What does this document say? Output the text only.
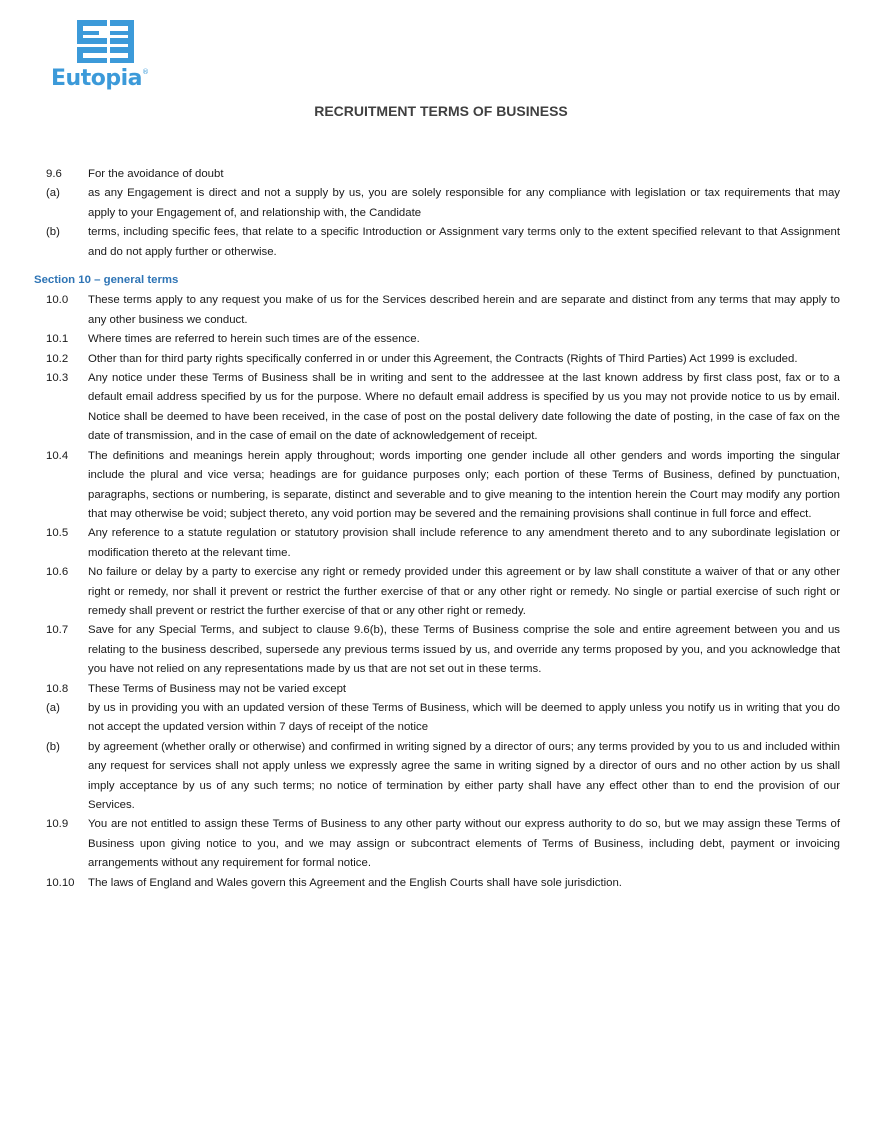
Eutopia®
RECRUITMENT TERMS OF BUSINESS
9.6	For the avoidance of doubt
(a)	as any Engagement is direct and not a supply by us, you are solely responsible for any compliance with legislation or tax requirements that may apply to your Engagement of, and relationship with, the Candidate
(b)	terms, including specific fees, that relate to a specific Introduction or Assignment vary terms only to the extent specified relevant to that Assignment and do not apply further or otherwise.
Section 10 – general terms
10.0	These terms apply to any request you make of us for the Services described herein and are separate and distinct from any terms that may apply to any other business we conduct.
10.1	Where times are referred to herein such times are of the essence.
10.2	Other than for third party rights specifically conferred in or under this Agreement, the Contracts (Rights of Third Parties) Act 1999 is excluded.
10.3	Any notice under these Terms of Business shall be in writing and sent to the addressee at the last known address by first class post, fax or to a default email address specified by us for the purpose. Where no default email address is specified by us you may not provide notice to us by email. Notice shall be deemed to have been received, in the case of post on the postal delivery date following the date of posting, in the case of fax on the date of transmission, and in the case of email on the date of acknowledgement of receipt.
10.4	The definitions and meanings herein apply throughout; words importing one gender include all other genders and words importing the singular include the plural and vice versa; headings are for guidance purposes only; each portion of these Terms of Business, defined by punctuation, paragraphs, sections or numbering, is separate, distinct and severable and to give meaning to the intention herein the Court may modify any portion that may otherwise be void; subject thereto, any void portion may be severed and the remaining provisions shall continue in full force and effect.
10.5	Any reference to a statute regulation or statutory provision shall include reference to any amendment thereto and to any subordinate legislation or modification thereto at the relevant time.
10.6	No failure or delay by a party to exercise any right or remedy provided under this agreement or by law shall constitute a waiver of that or any other right or remedy, nor shall it prevent or restrict the further exercise of that or any other right or remedy. No single or partial exercise of such right or remedy shall prevent or restrict the further exercise of that or any other right or remedy.
10.7	Save for any Special Terms, and subject to clause 9.6(b), these Terms of Business comprise the sole and entire agreement between you and us relating to the business described, supersede any previous terms issued by us, and override any terms proposed by you, and you acknowledge that you have not relied on any representations made by us that are not set out in these terms.
10.8	These Terms of Business may not be varied except
(a)	by us in providing you with an updated version of these Terms of Business, which will be deemed to apply unless you notify us in writing that you do not accept the updated version within 7 days of receipt of the notice
(b)	by agreement (whether orally or otherwise) and confirmed in writing signed by a director of ours; any terms provided by you to us and included within any request for services shall not apply unless we expressly agree the same in writing signed by a director of ours and no other action by us shall imply acceptance by us of any such terms; no notice of termination by either party shall have any effect other than to end the provision of our Services.
10.9	You are not entitled to assign these Terms of Business to any other party without our express authority to do so, but we may assign these Terms of Business upon giving notice to you, and we may assign or subcontract elements of Terms of Business, including debt, payment or invoicing arrangements without any requirement for formal notice.
10.10	The laws of England and Wales govern this Agreement and the English Courts shall have sole jurisdiction.
